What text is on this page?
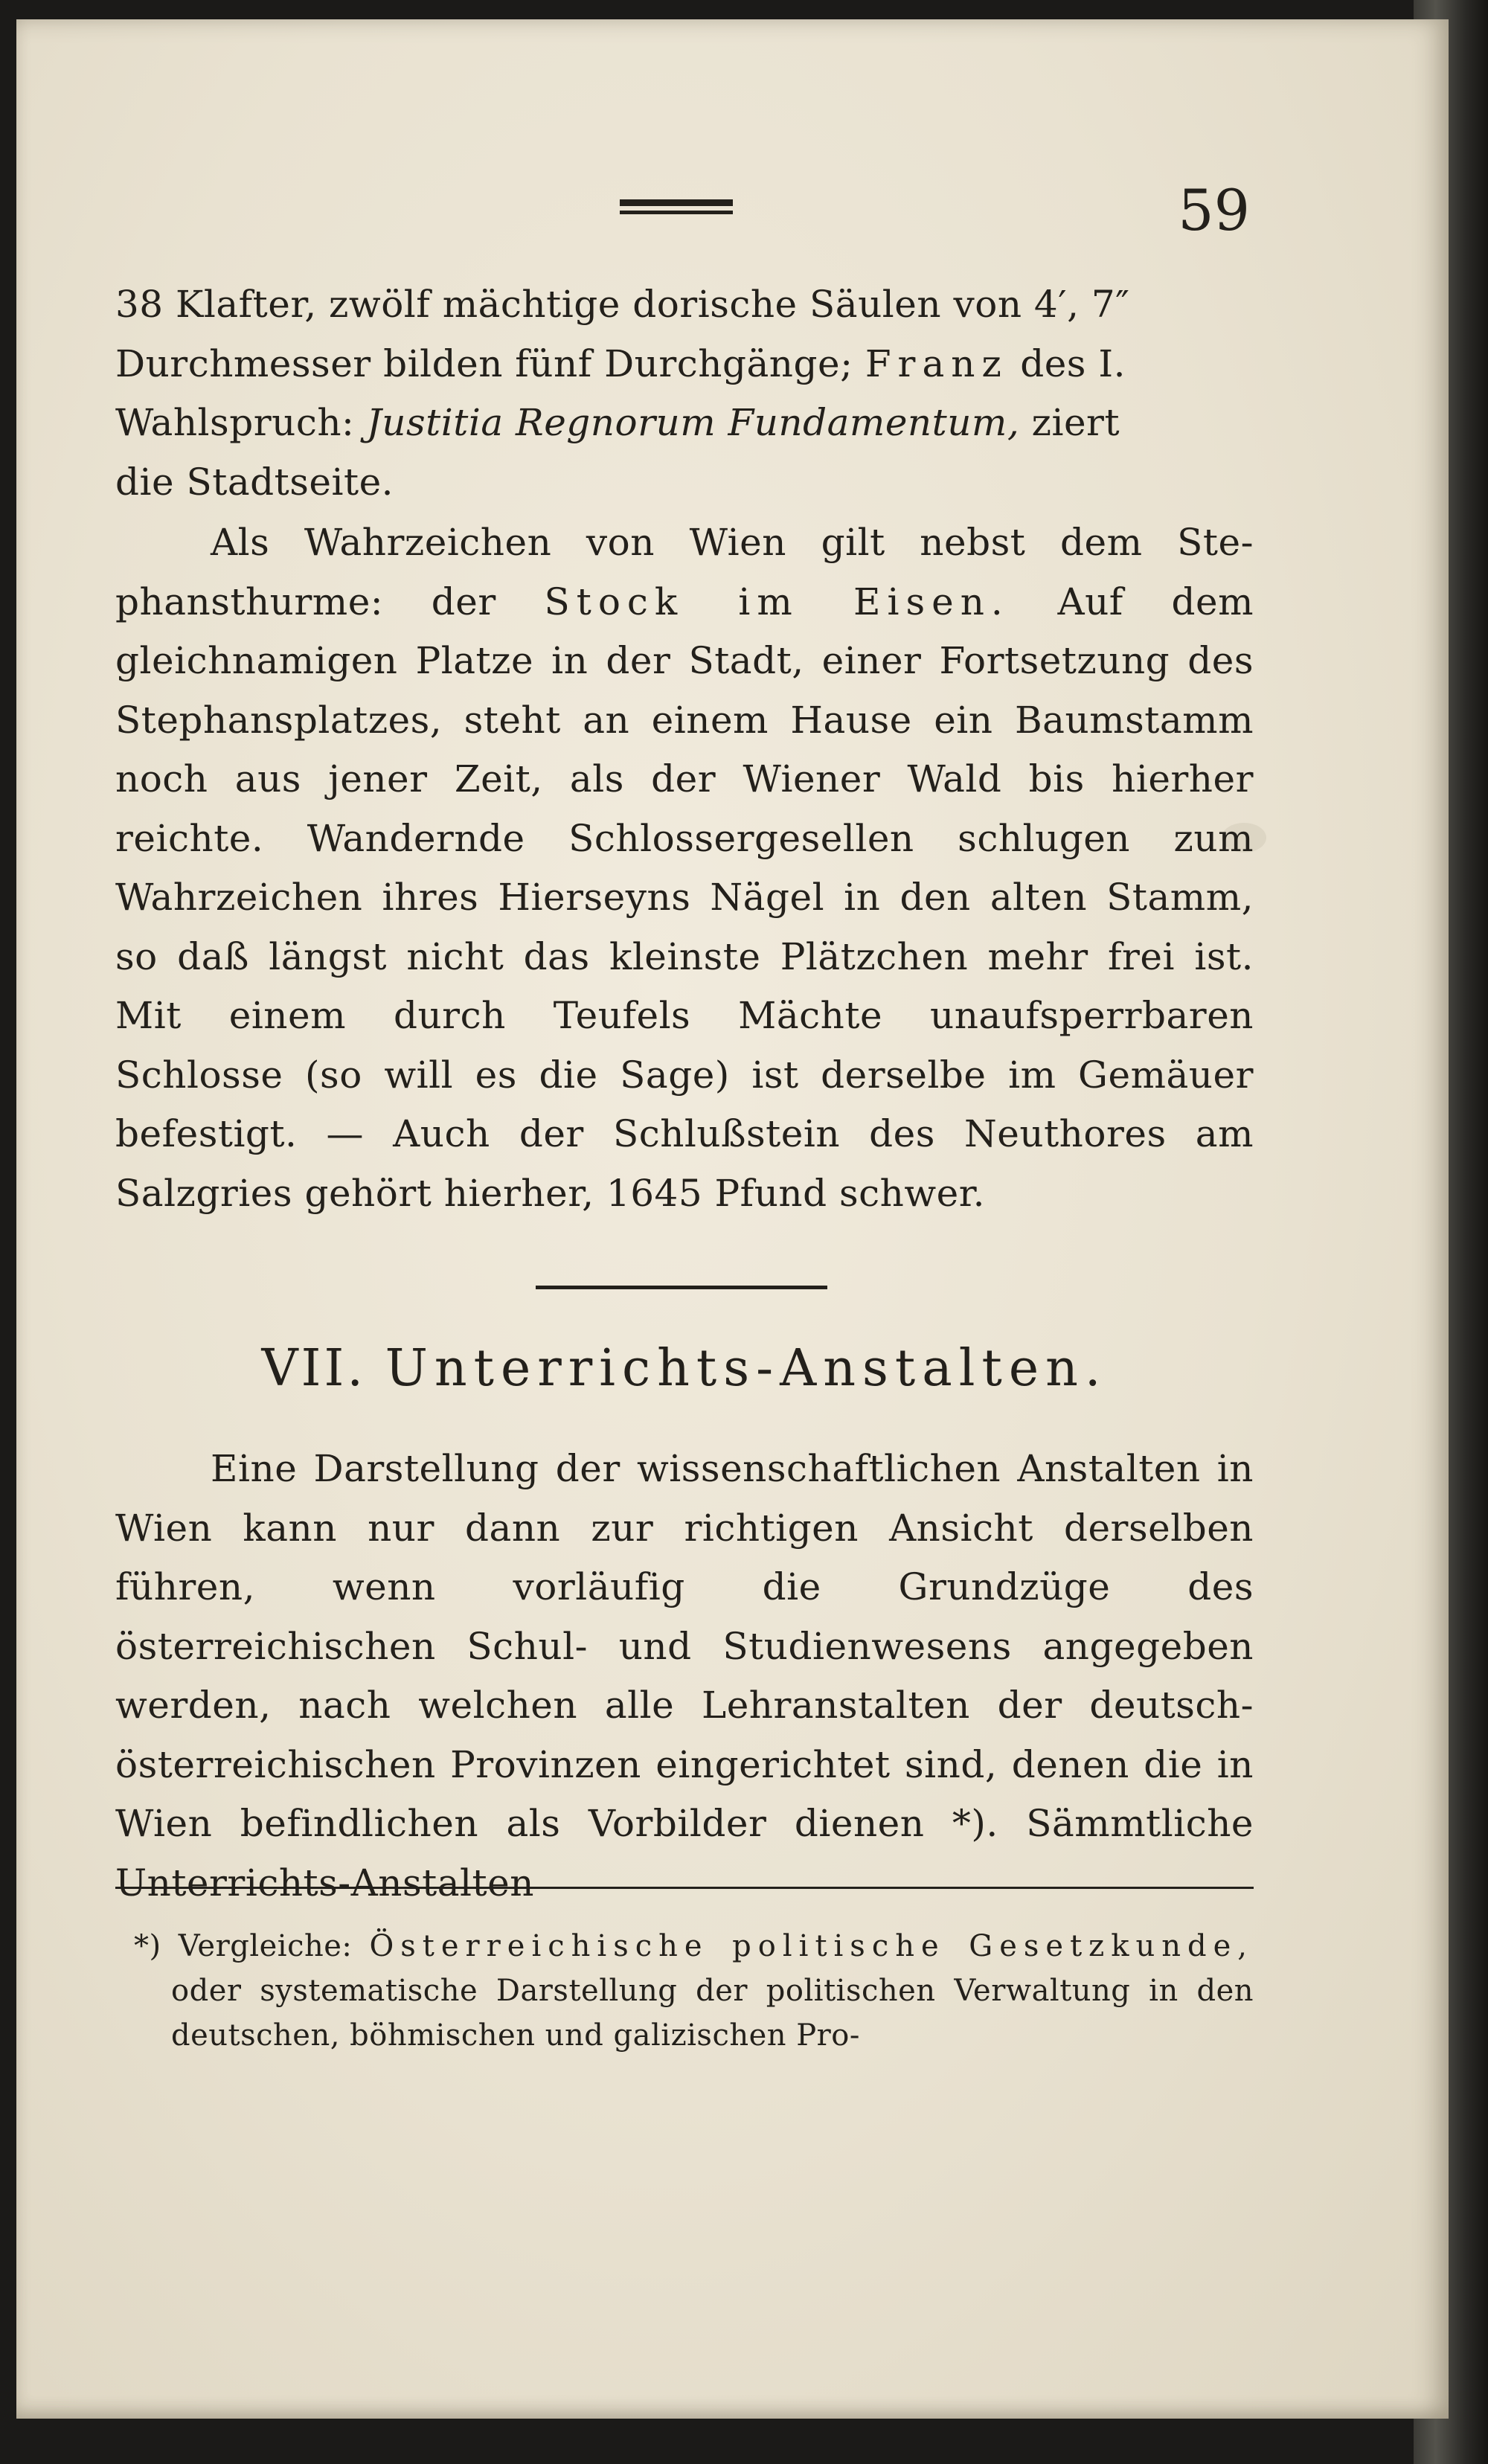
59
38 Klafter, zwölf mächtige dorische Säulen von 4′, 7″
Durchmesser bilden fünf Durchgänge; Franz des I.
Wahlspruch: Justitia Regnorum Fundamentum, ziert
die Stadtseite.
Als Wahrzeichen von Wien gilt nebst dem Ste-phansthurme: der Stock im Eisen. Auf dem gleichnamigen Platze in der Stadt, einer Fortsetzung des Stephansplatzes, steht an einem Hause ein Baumstamm noch aus jener Zeit, als der Wiener Wald bis hierher reichte. Wandernde Schlossergesellen schlugen zum Wahrzeichen ihres Hierseyns Nägel in den alten Stamm, so daß längst nicht das kleinste Plätzchen mehr frei ist. Mit einem durch Teufels Mächte unaufsperrbaren Schlosse (so will es die Sage) ist derselbe im Gemäuer befestigt. — Auch der Schlußstein des Neuthores am Salzgries gehört hierher, 1645 Pfund schwer.
VII. Unterrichts-Anstalten.
Eine Darstellung der wissenschaftlichen Anstalten in Wien kann nur dann zur richtigen Ansicht derselben führen, wenn vorläufig die Grundzüge des österreichischen Schul- und Studienwesens angegeben werden, nach welchen alle Lehranstalten der deutsch-österreichischen Provinzen eingerichtet sind, denen die in Wien befindlichen als Vorbilder dienen *). Sämmtliche Unterrichts-Anstalten
*) Vergleiche: Österreichische politische Gesetzkunde, oder systematische Darstellung der politischen Verwaltung in den deutschen, böhmischen und galizischen Pro-
